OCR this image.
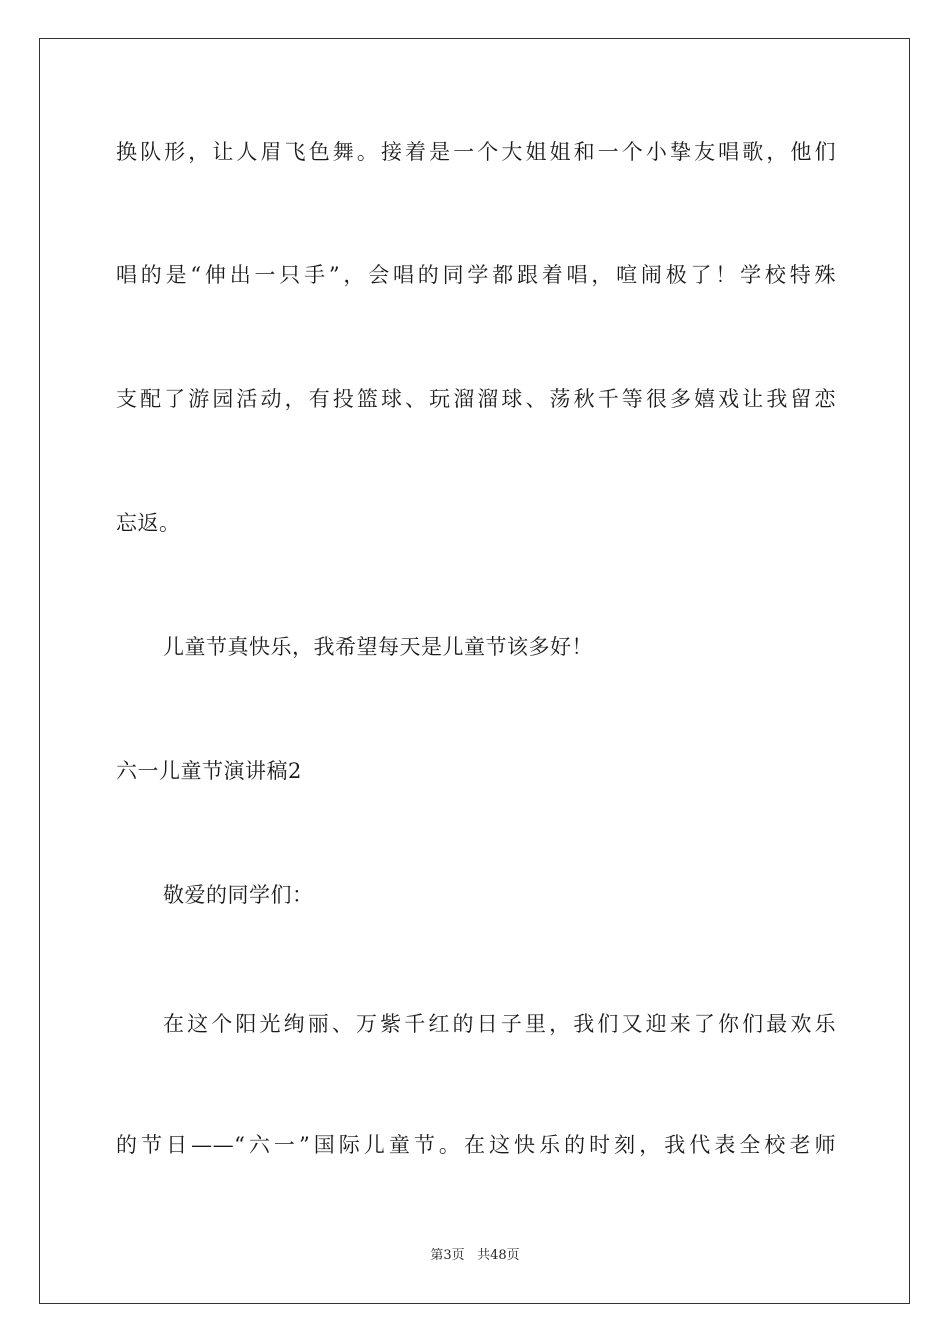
换队形，让人眉飞色舞。接着是一个大姐姐和一个小挚友唱歌，他们
唱的是“伸出一只手”，会唱的同学都跟着唱，喧闹极了！学校特殊
支配了游园活动，有投篮球、玩溜溜球、荡秋千等很多嬉戏让我留恋
忘返。
儿童节真快乐，我希望每天是儿童节该多好！
六一儿童节演讲稿2
敬爱的同学们：
在这个阳光绚丽、万紫千红的日子里，我们又迎来了你们最欢乐
的节日——“六一”国际儿童节。在这快乐的时刻，我代表全校老师
第3页 共48页
